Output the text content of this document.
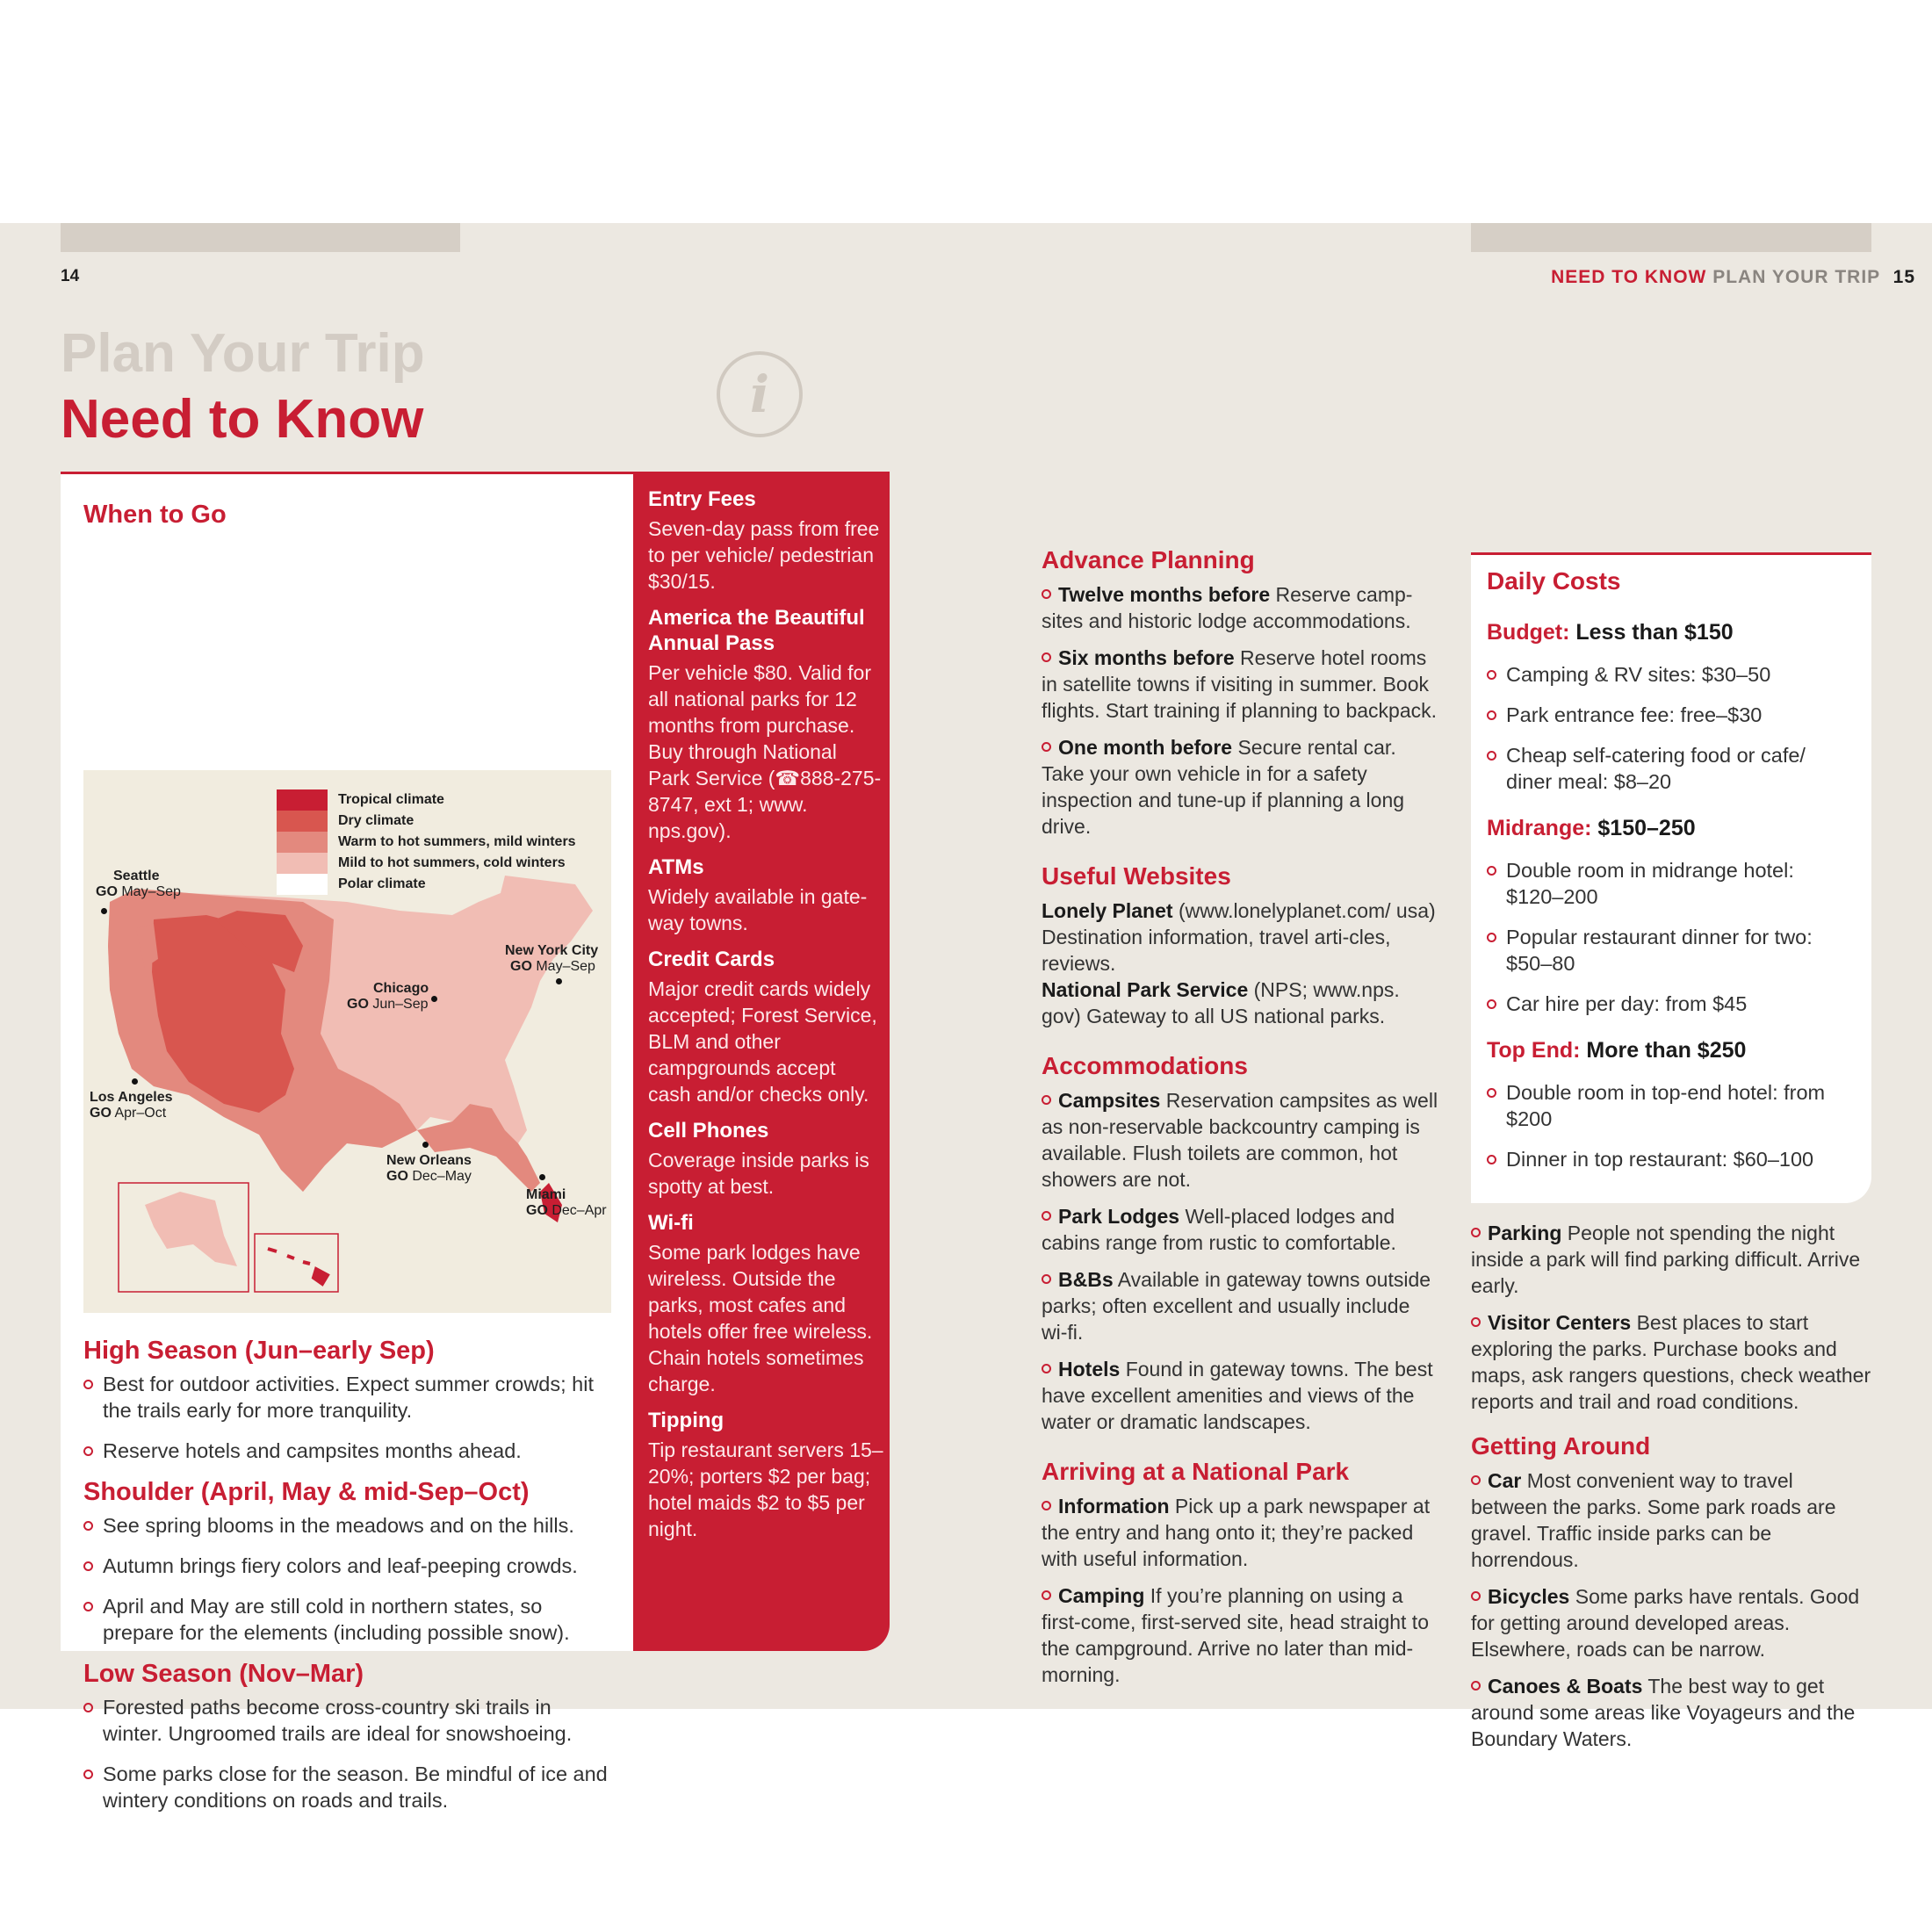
14	NEED TO KNOW PLAN YOUR TRIP 15
Plan Your Trip
Need to Know	i
When to Go
Tropical climate
Dry climate
Warm to hot summers, mild winters
Mild to hot summers, cold winters
Polar climate
Seattle
GO May–Sep
New York City
GO May–Sep
Chicago
GO Jun–Sep
Los Angeles
GO Apr–Oct
New Orleans
GO Dec–May
Miami
GO Dec–Apr
High Season (Jun–early Sep)
Best for outdoor activities. Expect summer crowds; hit the trails early for more tranquility.
Reserve hotels and campsites months ahead.
Shoulder (April, May & mid-Sep–Oct)
See spring blooms in the meadows and on the hills.
Autumn brings fiery colors and leaf-peeping crowds.
April and May are still cold in northern states, so prepare for the elements (including possible snow).
Low Season (Nov–Mar)
Forested paths become cross-country ski trails in winter. Ungroomed trails are ideal for snowshoeing.
Some parks close for the season. Be mindful of ice and wintery conditions on roads and trails.
Entry Fees

Seven-day pass from free to per vehicle/ pedestrian $30/15.

America the Beautiful Annual Pass

Per vehicle $80. Valid for all national parks for 12 months from purchase. Buy through National Park Service (☎888-275-8747, ext 1; www. nps.gov).

ATMs

Widely available in gate-way towns.

Credit Cards

Major credit cards widely accepted; Forest Service, BLM and other campgrounds accept cash and/or checks only.

Cell Phones

Coverage inside parks is spotty at best.

Wi-fi

Some park lodges have wireless. Outside the parks, most cafes and hotels offer free wireless. Chain hotels sometimes charge.

Tipping

Tip restaurant servers 15–20%; porters $2 per bag; hotel maids $2 to $5 per night.

Advance Planning
Twelve months before Reserve camp-sites and historic lodge accommodations.
Six months before Reserve hotel rooms in satellite towns if visiting in summer. Book flights. Start training if planning to backpack.
One month before Secure rental car. Take your own vehicle in for a safety inspection and tune-up if planning a long drive.
Useful Websites
Lonely Planet (www.lonelyplanet.com/ usa) Destination information, travel arti-cles, reviews.
National Park Service (NPS; www.nps. gov) Gateway to all US national parks.
Accommodations
Campsites Reservation campsites as well as non-reservable backcountry camping is available. Flush toilets are common, hot showers are not.
Park Lodges Well-placed lodges and cabins range from rustic to comfortable.
B&Bs Available in gateway towns outside parks; often excellent and usually include wi-fi.
Hotels Found in gateway towns. The best have excellent amenities and views of the water or dramatic landscapes.
Arriving at a National Park
Information Pick up a park newspaper at the entry and hang onto it; they’re packed with useful information.
Camping If you’re planning on using a first-come, first-served site, head straight to the campground. Arrive no later than mid-morning.
Daily Costs
Budget: Less than $150
Camping & RV sites: $30–50
Park entrance fee: free–$30
Cheap self-catering food or cafe/ diner meal: $8–20
Midrange: $150–250
Double room in midrange hotel: $120–200
Popular restaurant dinner for two: $50–80
Car hire per day: from $45
Top End: More than $250
Double room in top-end hotel: from $200
Dinner in top restaurant: $60–100
Parking People not spending the night inside a park will find parking difficult. Arrive early.
Visitor Centers Best places to start exploring the parks. Purchase books and maps, ask rangers questions, check weather reports and trail and road conditions.
Getting Around
Car Most convenient way to travel between the parks. Some park roads are gravel. Traffic inside parks can be horrendous.
Bicycles Some parks have rentals. Good for getting around developed areas. Elsewhere, roads can be narrow.
Canoes & Boats The best way to get around some areas like Voyageurs and the Boundary Waters.
